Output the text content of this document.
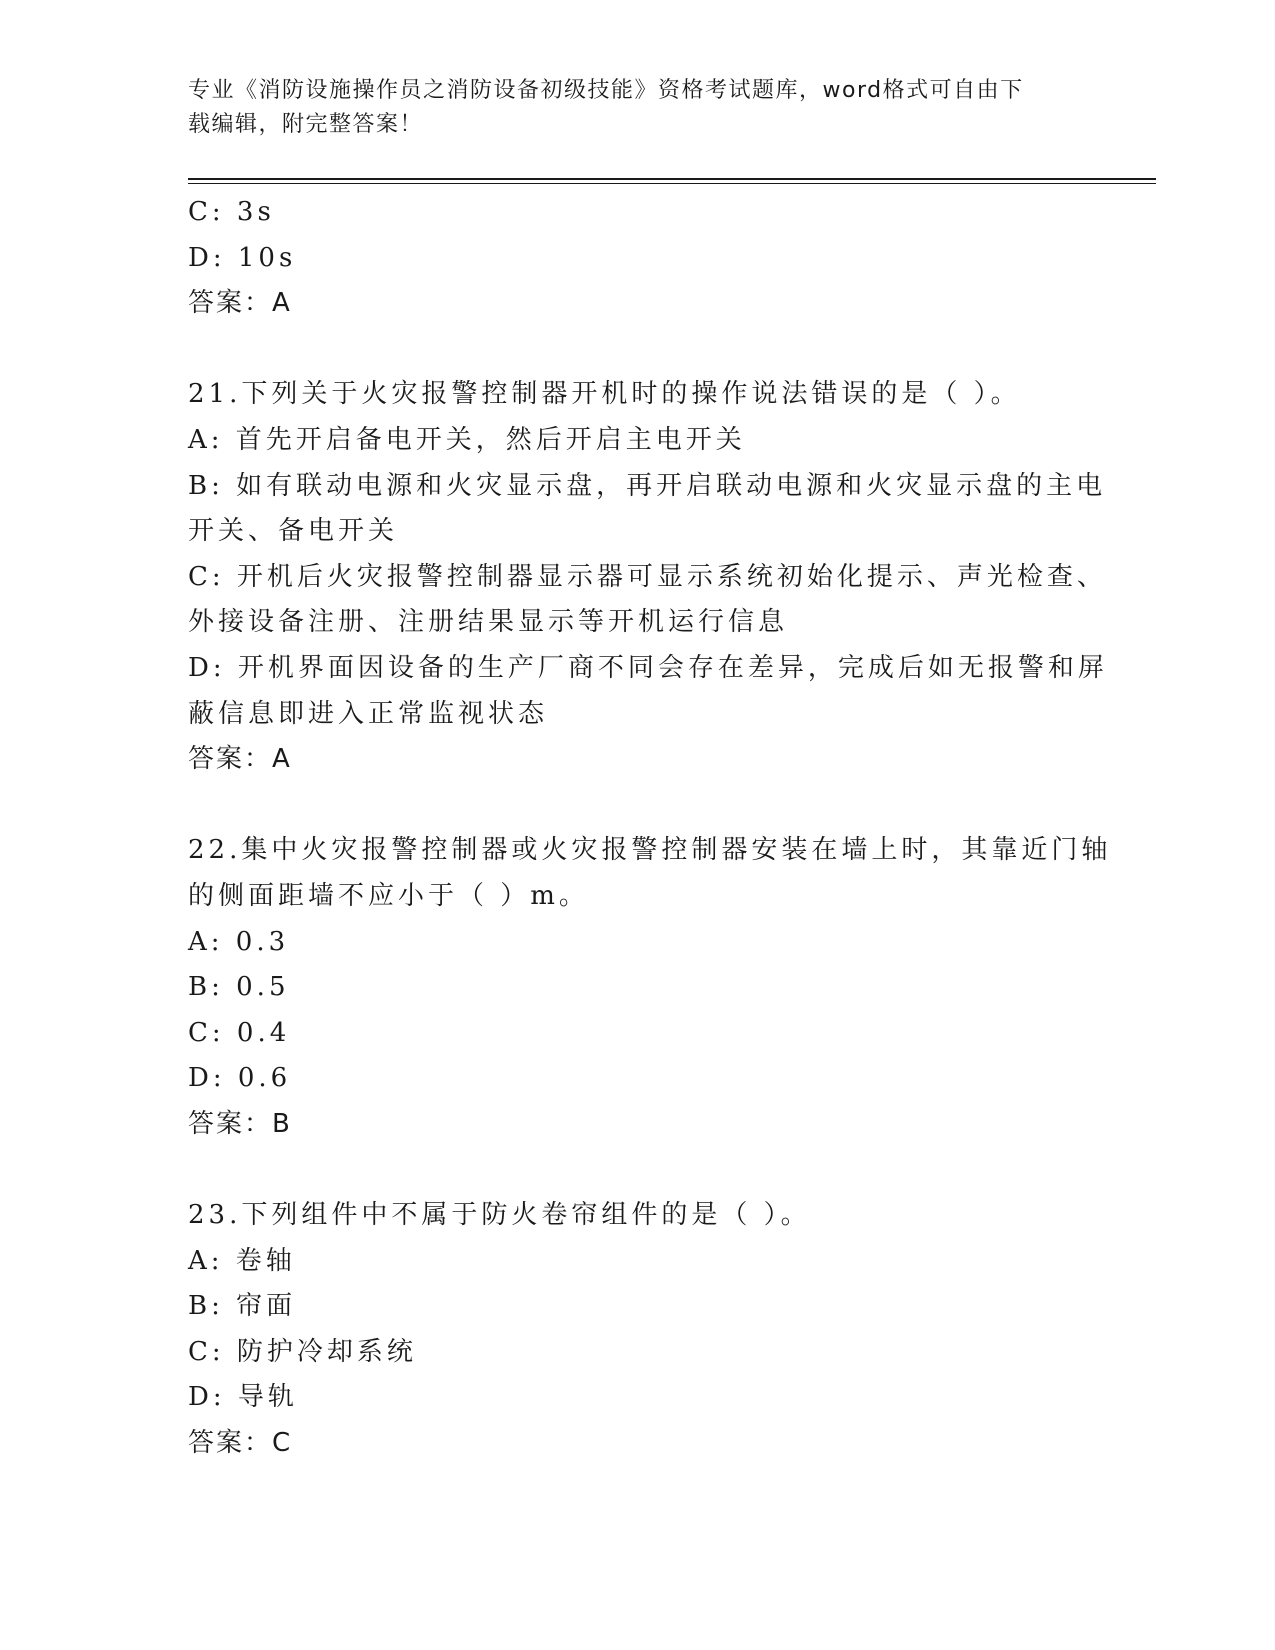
专业《消防设施操作员之消防设备初级技能》资格考试题库，word格式可自由下
载编辑，附完整答案！
C: 3s
D: 10s
答案：A
21.下列关于火灾报警控制器开机时的操作说法错误的是（ ）。
A: 首先开启备电开关，然后开启主电开关
B: 如有联动电源和火灾显示盘，再开启联动电源和火灾显示盘的主电
开关、备电开关
C: 开机后火灾报警控制器显示器可显示系统初始化提示、声光检查、
外接设备注册、注册结果显示等开机运行信息
D: 开机界面因设备的生产厂商不同会存在差异，完成后如无报警和屏
蔽信息即进入正常监视状态
答案：A
22.集中火灾报警控制器或火灾报警控制器安装在墙上时，其靠近门轴
的侧面距墙不应小于（ ）m。
A: 0.3
B: 0.5
C: 0.4
D: 0.6
答案：B
23.下列组件中不属于防火卷帘组件的是（ ）。
A: 卷轴
B: 帘面
C: 防护冷却系统
D: 导轨
答案：C
